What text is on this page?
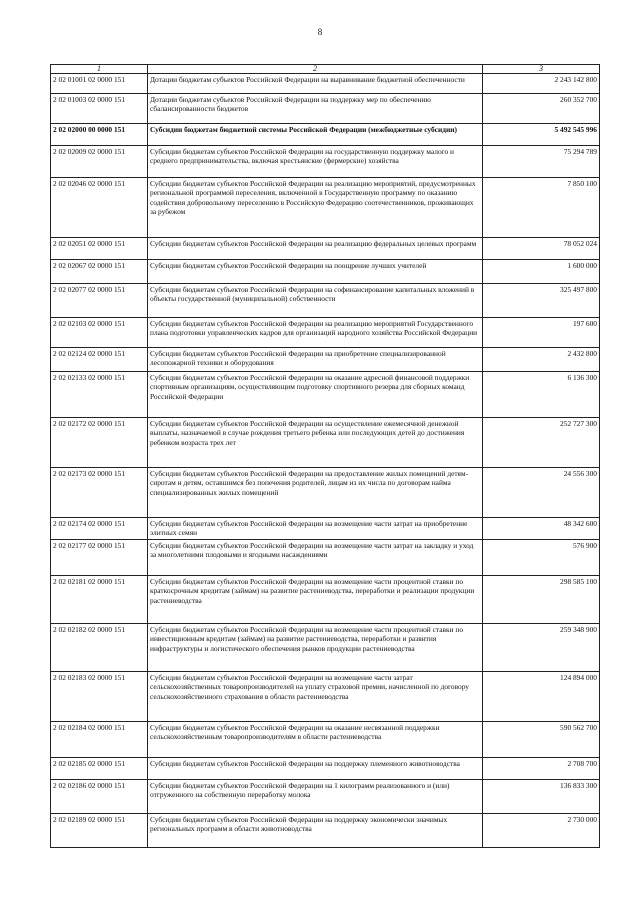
8
1	2	3
2 02 01001 02 0000 151	Дотации бюджетам субъектов Российской Федерации на выравнивание бюджетной обеспеченности	2 243 142 800
2 02 01003 02 0000 151	Дотации бюджетам субъектов Российской Федерации на поддержку мер по обеспечению сбалансированности бюджетов	260 352 700
2 02 02000 00 0000 151	Субсидии бюджетам бюджетной системы Российской Федерации (межбюджетные субсидии)	5 492 545 996
2 02 02009 02 0000 151	Субсидии бюджетам субъектов Российской Федерации на государственную поддержку малого и среднего предпринимательства, включая крестьянские (фермерские) хозяйства	75 294 789
2 02 02046 02 0000 151	Субсидии бюджетам субъектов Российской Федерации на реализацию мероприятий, предусмотренных региональной программой переселения, включенной в Государственную программу по оказанию содействия добровольному переселению в Российскую Федерацию соотечественников, проживающих за рубежом	7 850 100
2 02 02051 02 0000 151	Субсидии бюджетам субъектов Российской Федерации на реализацию федеральных целевых программ	78 052 024
2 02 02067 02 0000 151	Субсидии бюджетам субъектов Российской Федерации на поощрение лучших учителей	1 600 000
2 02 02077 02 0000 151	Субсидии бюджетам субъектов Российской Федерации на софинансирование капитальных вложений в объекты государственной (муниципальной) собственности	325 497 800
2 02 02103 02 0000 151	Субсидии бюджетам субъектов Российской Федерации на реализацию мероприятий Государственного плана подготовки управленческих кадров для организаций народного хозяйства Российской Федерации	197 600
2 02 02124 02 0000 151	Субсидии бюджетам субъектов Российской Федерации на приобретение специализированной лесопожарной техники и оборудования	2 432 800
2 02 02133 02 0000 151	Субсидии бюджетам субъектов Российской Федерации на оказание адресной финансовой поддержки спортивным организациям, осуществляющим подготовку спортивного резерва для сборных команд Российской Федерации	6 136 300
2 02 02172 02 0000 151	Субсидии бюджетам субъектов Российской Федерации на осуществление ежемесячной денежной выплаты, назначаемой в случае рождения третьего ребенка или последующих детей до достижения ребенком возраста трех лет	252 727 300
2 02 02173 02 0000 151	Субсидии бюджетам субъектов Российской Федерации на предоставление жилых помещений детям-сиротам и детям, оставшимся без попечения родителей, лицам из их числа по договорам найма специализированных жилых помещений	24 556 300
2 02 02174 02 0000 151	Субсидии бюджетам субъектов Российской Федерации на возмещение части затрат на приобретение элитных семян	48 342 600
2 02 02177 02 0000 151	Субсидии бюджетам субъектов Российской Федерации на возмещение части затрат на закладку и уход за многолетними плодовыми и ягодными насаждениями	576 900
2 02 02181 02 0000 151	Субсидии бюджетам субъектов Российской Федерации на возмещение части процентной ставки по краткосрочным кредитам (займам) на развитие растениеводства, переработки и реализации продукции растениеводства	298 585 100
2 02 02182 02 0000 151	Субсидии бюджетам субъектов Российской Федерации на возмещение части процентной ставки по инвестиционным кредитам (займам) на развитие растениеводства, переработки и развития инфраструктуры и логистического обеспечения рынков продукции растениеводства	259 348 900
2 02 02183 02 0000 151	Субсидии бюджетам субъектов Российской Федерации на возмещение части затрат сельскохозяйственных товаропроизводителей на уплату страховой премии, начисленной по договору сельскохозяйственного страхования в области растениеводства	124 894 000
2 02 02184 02 0000 151	Субсидии бюджетам субъектов Российской Федерации на оказание несвязанной поддержки сельскохозяйственным товаропроизводителям в области растениеводства	590 562 700
2 02 02185 02 0000 151	Субсидии бюджетам субъектов Российской Федерации на поддержку племенного животноводства	2 708 700
2 02 02186 02 0000 151	Субсидии бюджетам субъектов Российской Федерации на 1 килограмм реализованного и (или) отгруженного на собственную переработку молока	136 833 300
2 02 02189 02 0000 151	Субсидии бюджетам субъектов Российской Федерации на поддержку экономически значимых региональных программ в области животноводства	2 730 000
